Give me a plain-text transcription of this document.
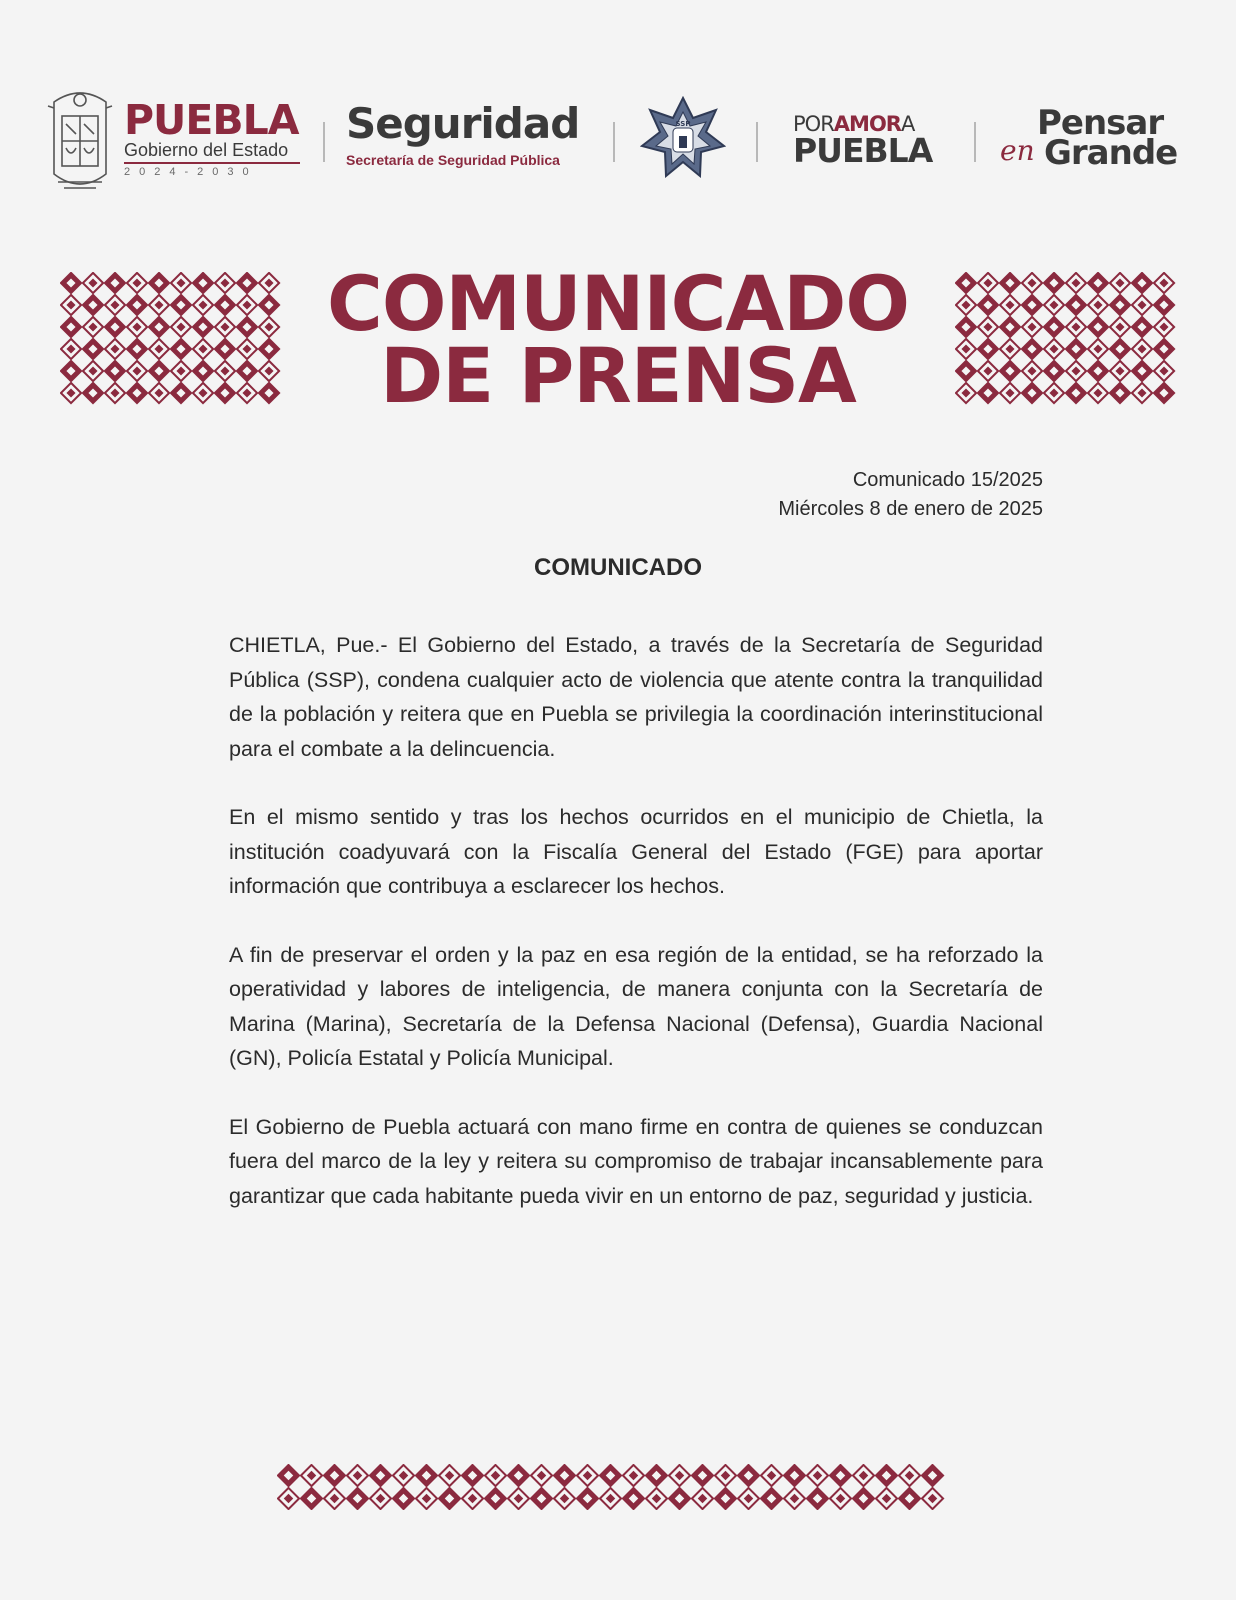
PUEBLA
Gobierno del Estado
2024-2030
Seguridad
Secretaría de Seguridad Pública
SSP	PORAMORA
PUEBLA
Pensar
en Grande
COMUNICADO
DE PRENSA
Comunicado 15/2025
Miércoles 8 de enero de 2025
COMUNICADO

CHIETLA, Pue.- El Gobierno del Estado, a través de la Secretaría de Seguridad Pública (SSP), condena cualquier acto de violencia que atente contra la tranquilidad de la población y reitera que en Puebla se privilegia la coordinación interinstitucional para el combate a la delincuencia.

En el mismo sentido y tras los hechos ocurridos en el municipio de Chietla, la institución coadyuvará con la Fiscalía General del Estado (FGE) para aportar información que contribuya a esclarecer los hechos.

A fin de preservar el orden y la paz en esa región de la entidad, se ha reforzado la operatividad y labores de inteligencia, de manera conjunta con la Secretaría de Marina (Marina), Secretaría de la Defensa Nacional (Defensa), Guardia Nacional (GN), Policía Estatal y Policía Municipal.

El Gobierno de Puebla actuará con mano firme en contra de quienes se conduzcan fuera del marco de la ley y reitera su compromiso de trabajar incansablemente para garantizar que cada habitante pueda vivir en un entorno de paz, seguridad y justicia.
